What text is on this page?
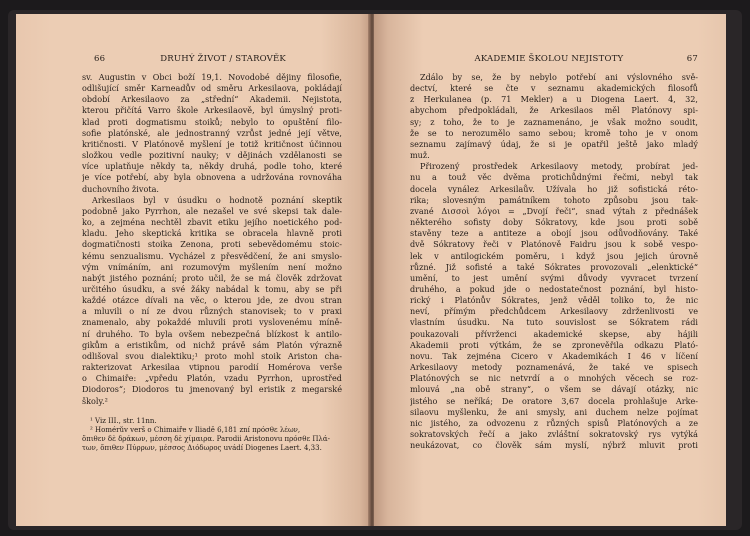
66	DRUHÝ ŽIVOT / STAROVĚK
sv. Augustin v Obci boží 19,1. Novodobé dějiny filosofie,
odlišující směr Karneadův od směru Arkesilaova, pokládají
období Arkesilaovo za „střední“ Akademii. Nejistota,
kterou přičítá Varro škole Arkesilaově, byl úmyslný proti-
klad proti dogmatismu stoiků; nebylo to opuštění filo-
sofie platónské, ale jednostranný vzrůst jedné její větve,
kritičnosti. V Platónově myšlení je totiž kritičnost účinnou
složkou vedle pozitivní nauky; v dějinách vzdělanosti se
více uplatňuje někdy ta, někdy druhá, podle toho, které
je více potřebí, aby byla obnovena a udržována rovnováha
duchovního života.
Arkesilaos byl v úsudku o hodnotě poznání skeptik
podobně jako Pyrrhon, ale nezašel ve své skepsi tak dale-
ko, a zejména nechtěl zbavit etiku jejího noetického pod-
kladu. Jeho skeptická kritika se obracela hlavně proti
dogmatičnosti stoika Zenona, proti sebevědomému stoic-
kému senzualismu. Vycházel z přesvědčení, že ani smyslo-
vým vnímáním, ani rozumovým myšlením není možno
nabýt jistého poznání; proto učil, že se má člověk zdržovat
určitého úsudku, a své žáky nabádal k tomu, aby se při
každé otázce dívali na věc, o kterou jde, ze dvou stran
a mluvili o ní ze dvou různých stanovisek; to v praxi
znamenalo, aby pokaždé mluvili proti vyslovenému míně-
ní druhého. To byla ovšem nebezpečná blízkost k antilo-
gikům a eristikům, od nichž právě sám Platón výrazně
odlišoval svou dialektiku;¹ proto mohl stoik Ariston cha-
rakterizovat Arkesilaa vtipnou parodií Homérova verše
o Chimaiře: „vpředu Platón, vzadu Pyrrhon, uprostřed
Diodoros“; Diodoros tu jmenovaný byl eristik z megarské
školy.²
¹ Viz III., str. 11nn.
² Homérův verš o Chimaiře v Iliadě 6,181 zní πρόσθε λέων,
ὄπιθεν δὲ δράκων, μέσση δὲ χίμαιρα. Parodii Aristonovu πρόσθε Πλά-
των, ὄπιθεν Πύρρων, μέσσος Διόδωρος uvádí Diogenes Laert. 4,33.
AKADEMIE ŠKOLOU NEJISTOTY	67
Zdálo by se, že by nebylo potřebí ani výslovného svě-
dectví, které se čte v seznamu akademických filosofů
z Herkulanea (p. 71 Mekler) a u Diogena Laert. 4, 32,
abychom předpokládali, že Arkesilaos měl Platónovy spi-
sy; z toho, že to je zaznamenáno, je však možno soudit,
že se to nerozumělo samo sebou; kromě toho je v onom
seznamu zajímavý údaj, že si je opatřil ještě jako mladý
muž.
Přirozený prostředek Arkesilaovy metody, probírat jed-
nu a touž věc dvěma protichůdnými řečmi, nebyl tak
docela vynález Arkesilaův. Užívala ho již sofistická réto-
rika; slovesným památníkem tohoto způsobu jsou tak-
zvané Δισσοὶ λόγοι = „Dvojí řeči“, snad výtah z přednášek
některého sofisty doby Sókratovy, kde jsou proti sobě
stavěny teze a antiteze a obojí jsou odůvodňovány. Také
dvě Sókratovy řeči v Platónově Faidru jsou k sobě vespo-
lek v antilogickém poměru, i když jsou jejich úrovně
různé. Již sofisté a také Sókrates provozovali „elenktické“
umění, to jest umění svými důvody vyvracet tvrzení
druhého, a pokud jde o nedostatečnost poznání, byl histo-
rický i Platónův Sókrates, jenž věděl toliko to, že nic
neví, přímým předchůdcem Arkesilaovy zdrženlivosti ve
vlastním úsudku. Na tuto souvislost se Sókratem rádi
poukazovali přívrženci akademické skepse, aby hájili
Akademii proti výtkám, že se zpronevěřila odkazu Plató-
novu. Tak zejména Cicero v Akademikách I 46 v líčení
Arkesilaovy metody poznamenává, že také ve spisech
Platónových se nic netvrdí a o mnohých věcech se roz-
mlouvá „na obě strany“, o všem se dávají otázky, nic
jistého se neříká; De oratore 3,67 docela prohlašuje Arke-
silaovu myšlenku, že ani smysly, ani duchem nelze pojímat
nic jistého, za odvozenu z různých spisů Platónových a ze
sokratovských řečí a jako zvláštní sokratovský rys vytýká
neukázovat, co člověk sám myslí, nýbrž mluvit proti
